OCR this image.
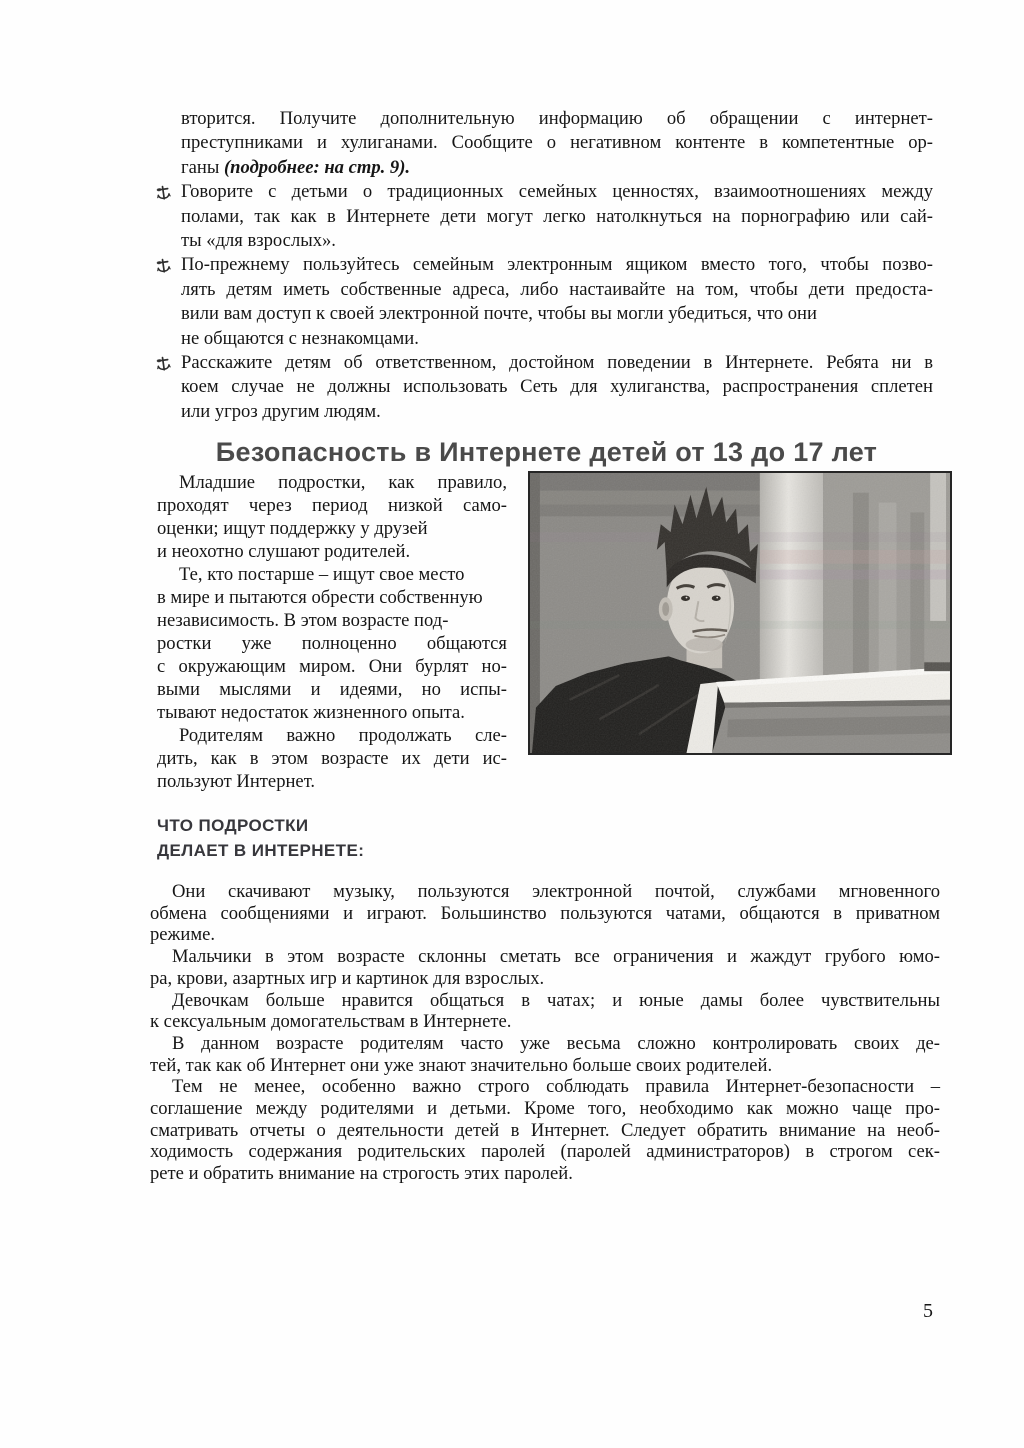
вторится. Получите дополнительную информацию об обращении с интернет-
преступниками и хулиганами. Сообщите о негативном контенте в компетентные ор-
ганы (подробнее: на стр. 9).
Говорите с детьми о традиционных семейных ценностях, взаимоотношениях между
полами, так как в Интернете дети могут легко натолкнуться на порнографию или сай-
ты «для взрослых».
По-прежнему пользуйтесь семейным электронным ящиком вместо того, чтобы позво-
лять детям иметь собственные адреса, либо настаивайте на том, чтобы дети предоста-
вили вам доступ к своей электронной почте, чтобы вы могли убедиться, что они
не общаются с незнакомцами.
Расскажите детям об ответственном, достойном поведении в Интернете. Ребята ни в
коем случае не должны использовать Сеть для хулиганства, распространения сплетен
или угроз другим людям.
Безопасность в Интернете детей от 13 до 17 лет
Младшие подростки, как правило,
проходят через период низкой само-
оценки; ищут поддержку у друзей
и неохотно слушают родителей.
Те, кто постарше – ищут свое место
в мире и пытаются обрести собственную
независимость. В этом возрасте под-
ростки уже полноценно общаются
с окружающим миром. Они бурлят но-
выми мыслями и идеями, но испы-
тывают недостаток жизненного опыта.
Родителям важно продолжать сле-
дить, как в этом возрасте их дети ис-
пользуют Интернет.
ЧТО ПОДРОСТКИ
ДЕЛАЕТ В ИНТЕРНЕТЕ:
Они скачивают музыку, пользуются электронной почтой, службами мгновенного
обмена сообщениями и играют. Большинство пользуются чатами, общаются в приватном
режиме.
Мальчики в этом возрасте склонны сметать все ограничения и жаждут грубого юмо-
ра, крови, азартных игр и картинок для взрослых.
Девочкам больше нравится общаться в чатах; и юные дамы более чувствительны
к сексуальным домогательствам в Интернете.
В данном возрасте родителям часто уже весьма сложно контролировать своих де-
тей, так как об Интернет они уже знают значительно больше своих родителей.
Тем не менее, особенно важно строго соблюдать правила Интернет-безопасности –
соглашение между родителями и детьми. Кроме того, необходимо как можно чаще про-
сматривать отчеты о деятельности детей в Интернет. Следует обратить внимание на необ-
ходимость содержания родительских паролей (паролей администраторов) в строгом сек-
рете и обратить внимание на строгость этих паролей.
5
